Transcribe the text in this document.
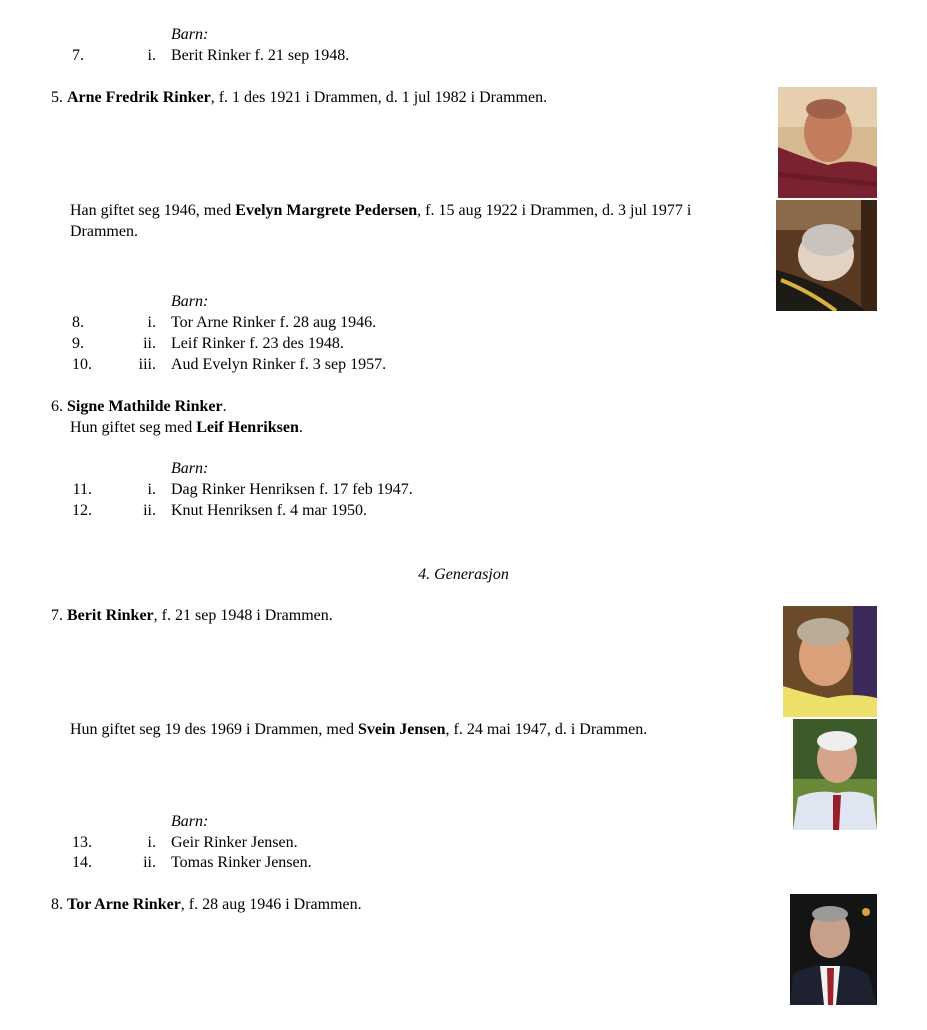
Barn:
7.	i. Berit Rinker f. 21 sep 1948.
5. Arne Fredrik Rinker, f. 1 des 1921 i Drammen, d. 1 jul 1982 i Drammen.
Han giftet seg 1946, med Evelyn Margrete Pedersen, f. 15 aug 1922 i Drammen, d. 3 jul 1977 i
Drammen.
Barn:
8.	i. Tor Arne Rinker f. 28 aug 1946.
9.	ii. Leif Rinker f. 23 des 1948.
10.	iii. Aud Evelyn Rinker f. 3 sep 1957.
6. Signe Mathilde Rinker.
Hun giftet seg med Leif Henriksen.
Barn:
11.	i. Dag Rinker Henriksen f. 17 feb 1947.
12.	ii. Knut Henriksen f. 4 mar 1950.
4. Generasjon
7. Berit Rinker, f. 21 sep 1948 i Drammen.
Hun giftet seg 19 des 1969 i Drammen, med Svein Jensen, f. 24 mai 1947, d. i Drammen.
Barn:
13.	i. Geir Rinker Jensen.
14.	ii. Tomas Rinker Jensen.
8. Tor Arne Rinker, f. 28 aug 1946 i Drammen.
